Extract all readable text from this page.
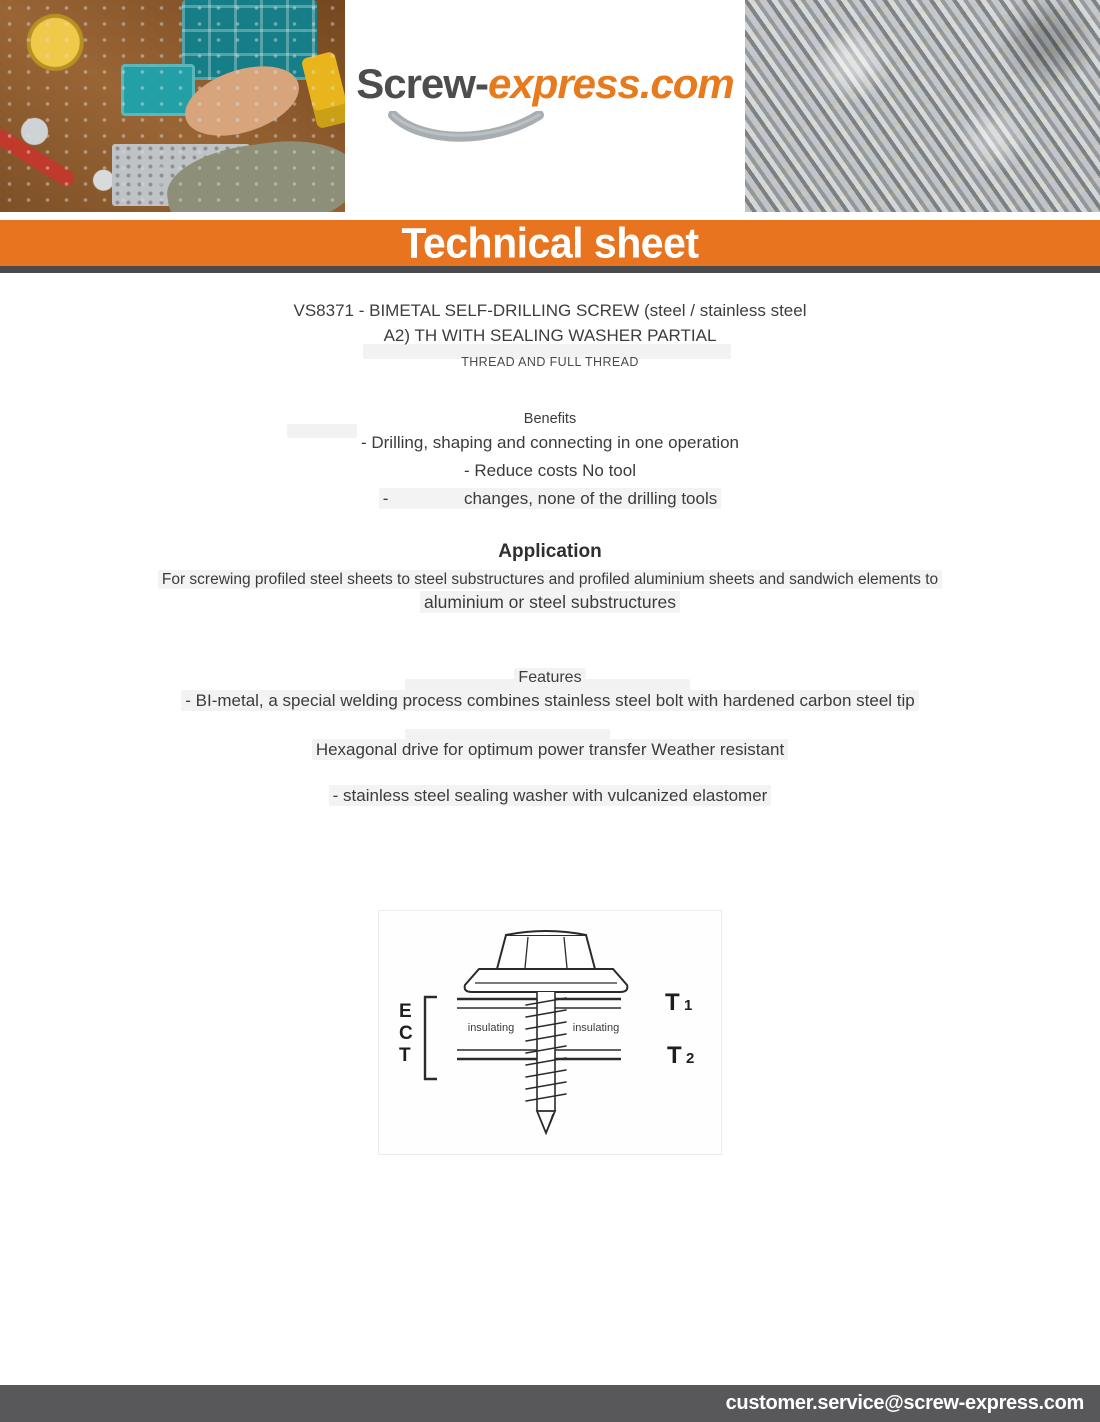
Screw-express.com
Technical sheet
VS8371 - BIMETAL SELF-DRILLING SCREW (steel / stainless steel
A2) TH WITH SEALING WASHER PARTIAL
THREAD AND FULL THREAD
Benefits
- Drilling, shaping and connecting in one operation
- Reduce costs No tool
-                changes, none of the drilling tools
Application
For screwing profiled steel sheets to steel substructures and profiled aluminium sheets and sandwich elements to
aluminium or steel substructures
Features
- BI-metal, a special welding process combines stainless steel bolt with hardened carbon steel tip
Hexagonal drive for optimum power transfer Weather resistant
- stainless steel sealing washer with vulcanized elastomer
E
C
T
insulating	insulating
T 1
T 2
customer.service@screw-express.com
